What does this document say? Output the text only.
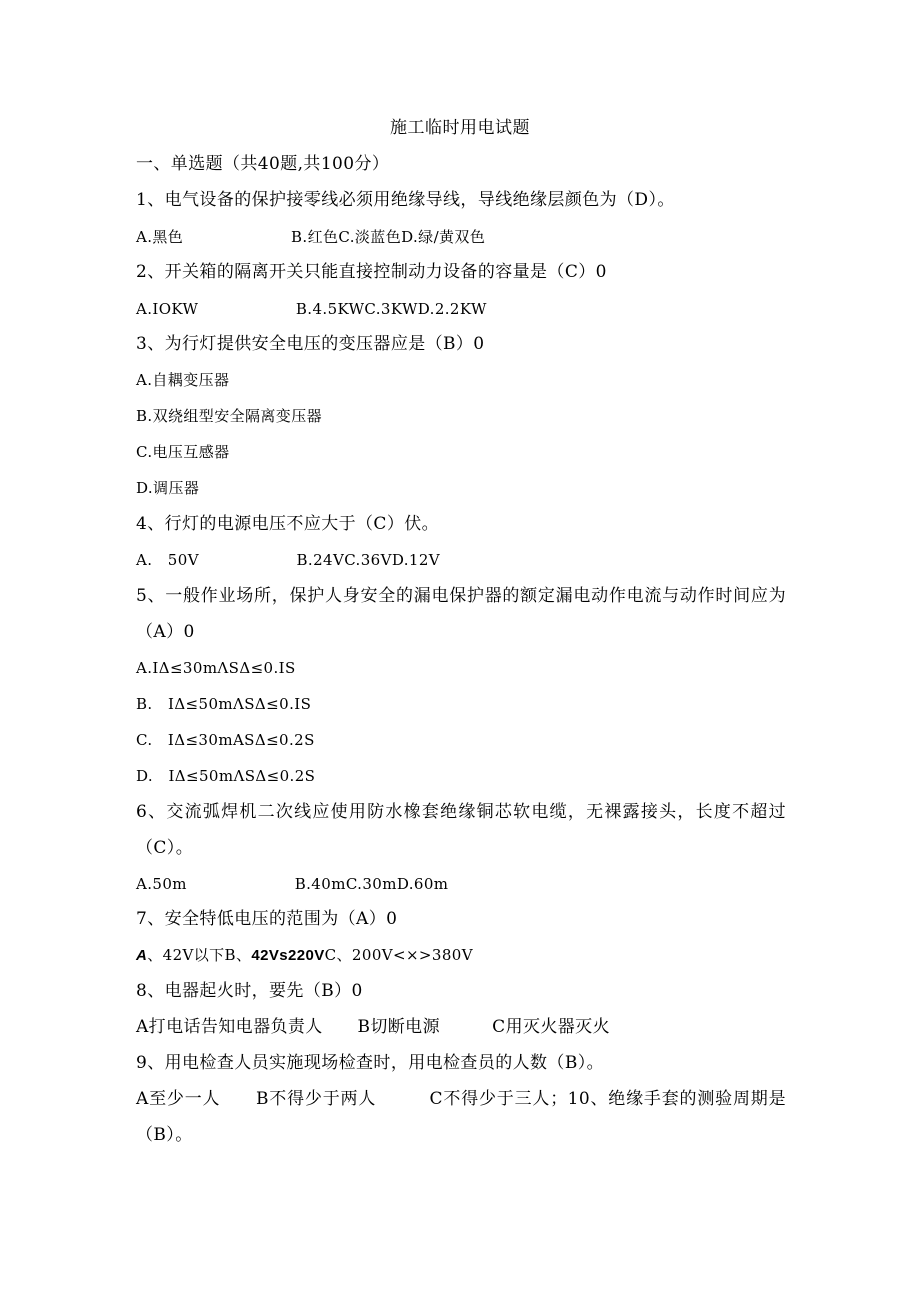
施工临时用电试题
一、单选题（共40题,共100分）
1、电气设备的保护接零线必须用绝缘导线，导线绝缘层颜色为（D）。
A.黑色　　　　　　　B.红色C.淡蓝色D.绿/黄双色
2、开关箱的隔离开关只能直接控制动力设备的容量是（C）0
A.IOKW　　　　　　 B.4.5KWC.3KWD.2.2KW
3、为行灯提供安全电压的变压器应是（B）0
A.自耦变压器
B.双绕组型安全隔离变压器
C.电压互感器
D.调压器
4、行灯的电源电压不应大于（C）伏。
A.　50V　　　　　　 B.24VC.36VD.12V
5、一般作业场所，保护人身安全的漏电保护器的额定漏电动作电流与动作时间应为（A）0
A.IΔ≤30mΛSΔ≤0.IS
B.　IΔ≤50mΛSΔ≤0.IS
C.　IΔ≤30mASΔ≤0.2S
D.　IΔ≤50mΛSΔ≤0.2S
6、交流弧焊机二次线应使用防水橡套绝缘铜芯软电缆，无裸露接头，长度不超过（C）。
A.50m　　　　　　　B.40mC.30mD.60m
7、安全特低电压的范围为（A）0
A、42V以下B、42Vs220VC、200V<×>380V
8、电器起火时，要先（B）0
A打电话告知电器负责人　　B切断电源　　　C用灭火器灭火
9、用电检查人员实施现场检查时，用电检查员的人数（B）。
A至少一人　　B不得少于两人　　　C不得少于三人；10、绝缘手套的测验周期是（B）。
